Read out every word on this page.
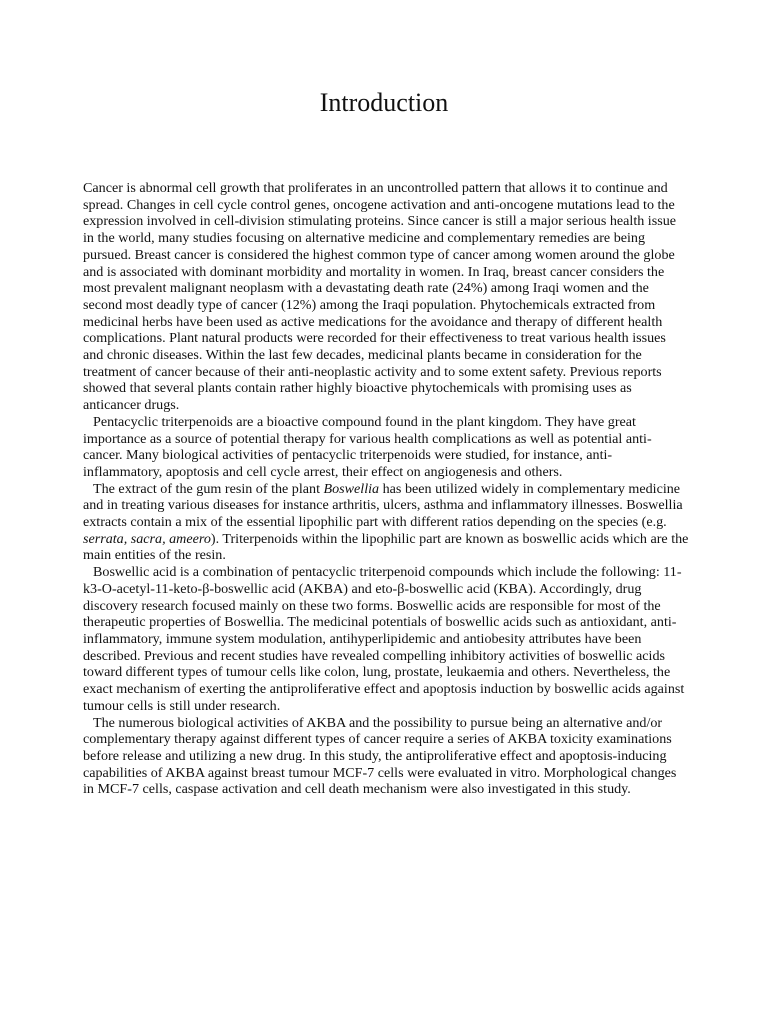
Introduction

Cancer is abnormal cell growth that proliferates in an uncontrolled pattern that allows it to continue and spread. Changes in cell cycle control genes, oncogene activation and anti-oncogene mutations lead to the expression involved in cell-division stimulating proteins. Since cancer is still a major serious health issue in the world, many studies focusing on alternative medicine and complementary remedies are being pursued. Breast cancer is considered the highest common type of cancer among women around the globe and is associated with dominant morbidity and mortality in women. In Iraq, breast cancer considers the most prevalent malignant neoplasm with a devastating death rate (24%) among Iraqi women and the second most deadly type of cancer (12%) among the Iraqi population. Phytochemicals extracted from medicinal herbs have been used as active medications for the avoidance and therapy of different health complications. Plant natural products were recorded for their effectiveness to treat various health issues and chronic diseases. Within the last few decades, medicinal plants became in consideration for the treatment of cancer because of their anti-neoplastic activity and to some extent safety. Previous reports showed that several plants contain rather highly bioactive phytochemicals with promising uses as anticancer drugs.

Pentacyclic triterpenoids are a bioactive compound found in the plant kingdom. They have great importance as a source of potential therapy for various health complications as well as potential anti-cancer. Many biological activities of pentacyclic triterpenoids were studied, for instance, anti-inflammatory, apoptosis and cell cycle arrest, their effect on angiogenesis and others.

The extract of the gum resin of the plant Boswellia has been utilized widely in complementary medicine and in treating various diseases for instance arthritis, ulcers, asthma and inflammatory illnesses. Boswellia extracts contain a mix of the essential lipophilic part with different ratios depending on the species (e.g. serrata, sacra, ameero). Triterpenoids within the lipophilic part are known as boswellic acids which are the main entities of the resin.

Boswellic acid is a combination of pentacyclic triterpenoid compounds which include the following: 11-k3-O-acetyl-11-keto-β-boswellic acid (AKBA) and eto-β-boswellic acid (KBA). Accordingly, drug discovery research focused mainly on these two forms. Boswellic acids are responsible for most of the therapeutic properties of Boswellia. The medicinal potentials of boswellic acids such as antioxidant, anti-inflammatory, immune system modulation, antihyperlipidemic and antiobesity attributes have been described. Previous and recent studies have revealed compelling inhibitory activities of boswellic acids toward different types of tumour cells like colon, lung, prostate, leukaemia and others. Nevertheless, the exact mechanism of exerting the antiproliferative effect and apoptosis induction by boswellic acids against tumour cells is still under research.

The numerous biological activities of AKBA and the possibility to pursue being an alternative and/or complementary therapy against different types of cancer require a series of AKBA toxicity examinations before release and utilizing a new drug. In this study, the antiproliferative effect and apoptosis-inducing capabilities of AKBA against breast tumour MCF-7 cells were evaluated in vitro. Morphological changes in MCF-7 cells, caspase activation and cell death mechanism were also investigated in this study.
